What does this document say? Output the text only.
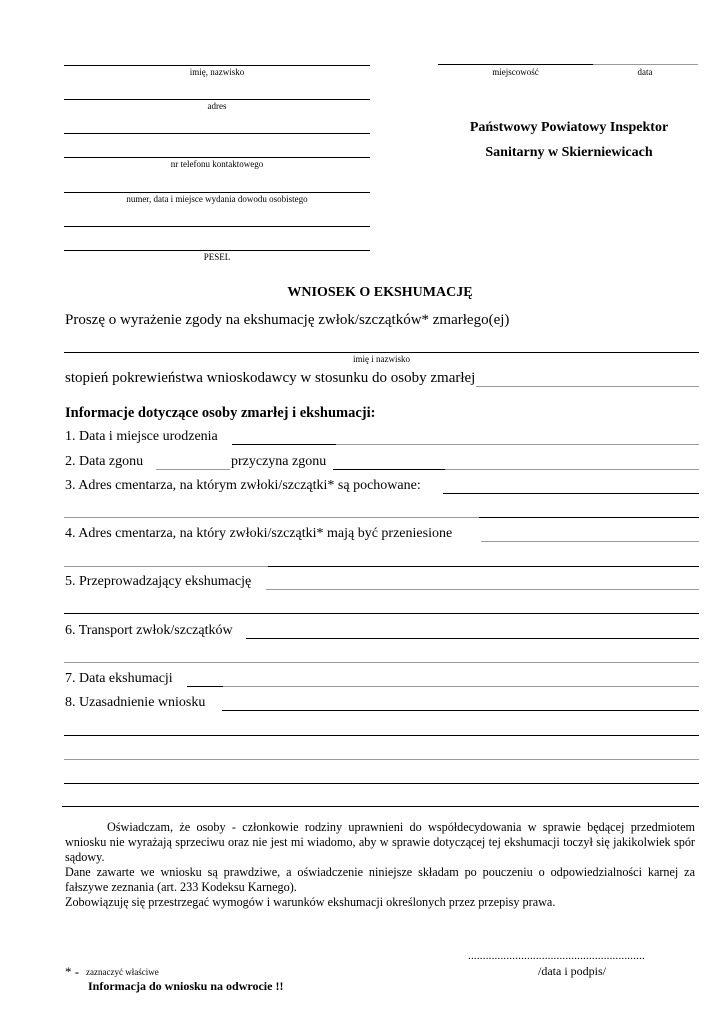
imię, nazwisko
adres
nr telefonu kontaktowego
numer, data i miejsce wydania dowodu osobistego
PESEL
miejscowość	data
Państwowy Powiatowy Inspektor
Sanitarny w Skierniewicach
WNIOSEK O EKSHUMACJĘ
Proszę o wyrażenie zgody na ekshumację zwłok/szczątków* zmarłego(ej)
imię i nazwisko
stopień pokrewieństwa wnioskodawcy w stosunku do osoby zmarłej
Informacje dotyczące osoby zmarłej i ekshumacji:
1. Data i miejsce urodzenia
2. Data zgonu	przyczyna zgonu
3. Adres cmentarza, na którym zwłoki/szczątki* są pochowane:
4. Adres cmentarza, na który zwłoki/szczątki* mają być przeniesione
5. Przeprowadzający ekshumację
6. Transport zwłok/szczątków
7. Data ekshumacji
8. Uzasadnienie wniosku
Oświadczam, że osoby - członkowie rodziny uprawnieni do współdecydowania w sprawie będącej przedmiotem wniosku nie wyrażają sprzeciwu oraz nie jest mi wiadomo, aby w sprawie dotyczącej tej ekshumacji toczył się jakikolwiek spór sądowy.
Dane zawarte we wniosku są prawdziwe, a oświadczenie niniejsze składam po pouczeniu o odpowiedzialności karnej za fałszywe zeznania (art. 233 Kodeksu Karnego).
Zobowiązuję się przestrzegać wymogów i warunków ekshumacji określonych przez przepisy prawa.
............................................................
/data i podpis/
* - zaznaczyć właściwe
Informacja do wniosku na odwrocie !!
